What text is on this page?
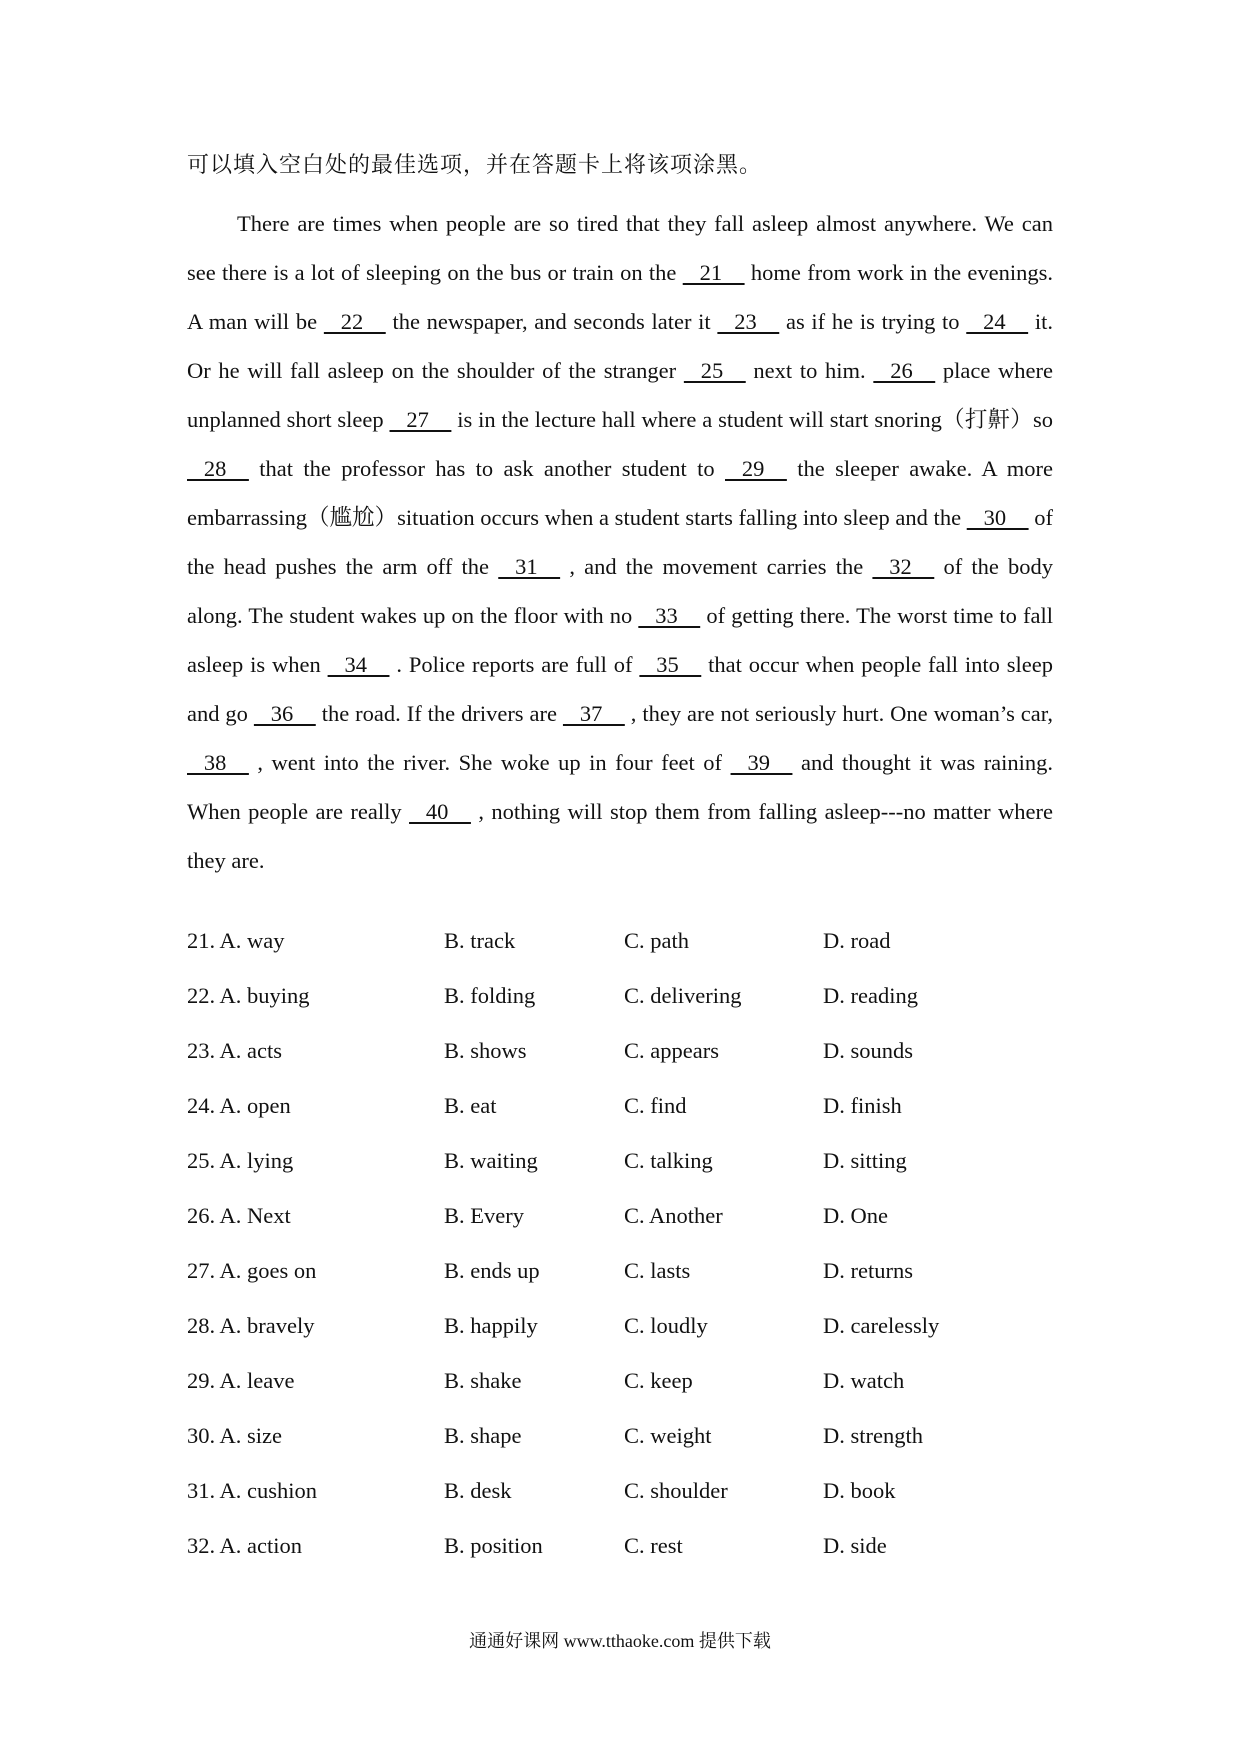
可以填入空白处的最佳选项，并在答题卡上将该项涂黑。
There are times when people are so tired that they fall asleep almost anywhere. We can see there is a lot of sleeping on the bus or train on the    21     home from work in the evenings. A man will be    22     the newspaper, and seconds later it    23     as if he is trying to    24     it. Or he will fall asleep on the shoulder of the stranger    25     next to him.    26     place where unplanned short sleep    27     is in the lecture hall where a student will start snoring（打鼾）so    28     that the professor has to ask another student to    29     the sleeper awake. A more embarrassing（尴尬）situation occurs when a student starts falling into sleep and the    30     of the head pushes the arm off the    31     , and the movement carries the    32     of the body along. The student wakes up on the floor with no    33     of getting there. The worst time to fall asleep is when    34     . Police reports are full of    35     that occur when people fall into sleep and go    36     the road. If the drivers are    37     , they are not seriously hurt. One woman’s car,    38     , went into the river. She woke up in four feet of    39     and thought it was raining. When people are really    40     , nothing will stop them from falling asleep---no matter where they are.
21. A. way	B. track	C. path	D. road
22. A. buying	B. folding	C. delivering	D. reading
23. A. acts	B. shows	C. appears	D. sounds
24. A. open	B. eat	C. find	D. finish
25. A. lying	B. waiting	C. talking	D. sitting
26. A. Next	B. Every	C. Another	D. One
27. A. goes on	B. ends up	C. lasts	D. returns
28. A. bravely	B. happily	C. loudly	D. carelessly
29. A. leave	B. shake	C. keep	D. watch
30. A. size	B. shape	C. weight	D. strength
31. A. cushion	B. desk	C. shoulder	D. book
32. A. action	B. position	C. rest	D. side
通通好课网 www.tthaoke.com 提供下载
